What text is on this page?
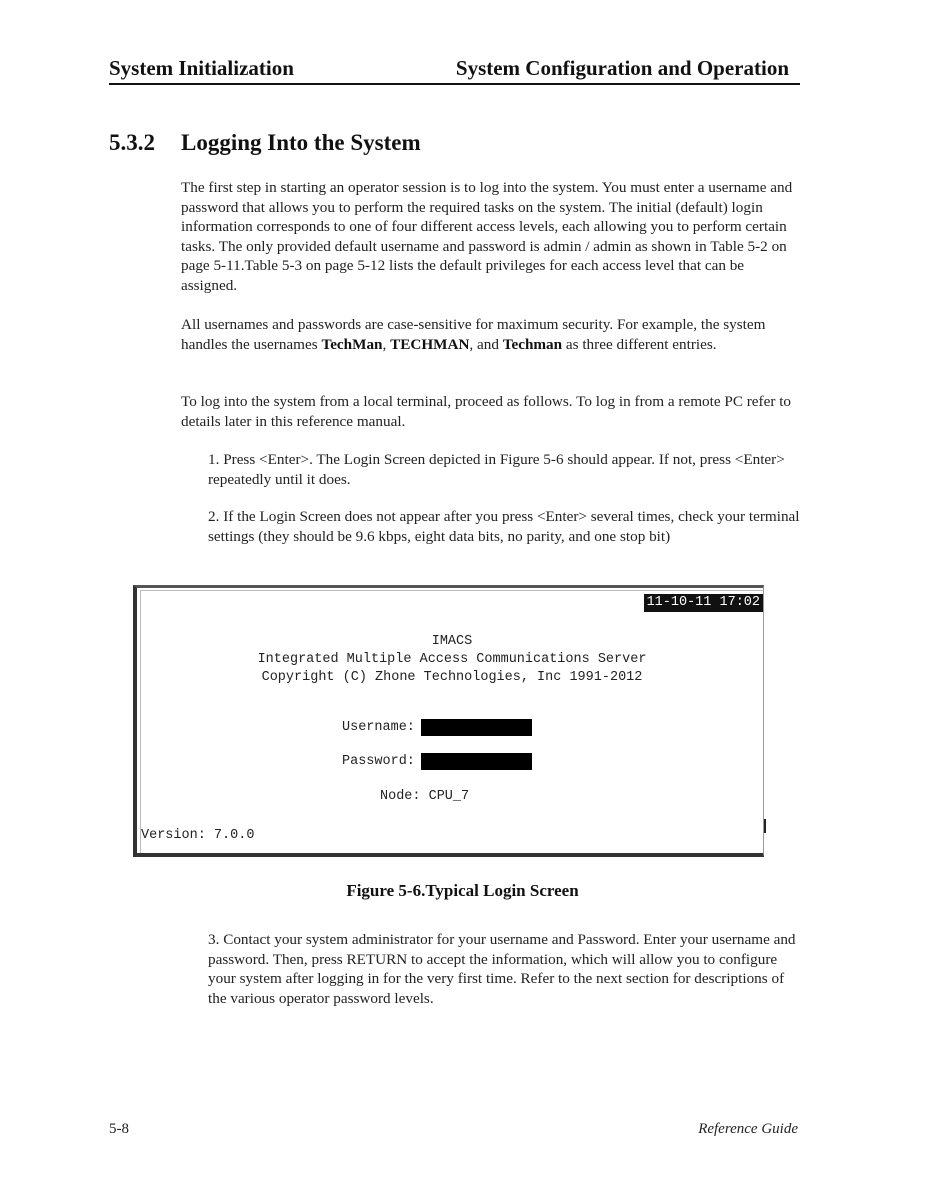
System Initialization	System Configuration and Operation
5.3.2 Logging Into the System

The first step in starting an operator session is to log into the system. You must enter a username and password that allows you to perform the required tasks on the system. The initial (default) login information corresponds to one of four different access levels, each allowing you to perform certain tasks. The only provided default username and password is admin / admin as shown in Table 5-2 on page 5-11.Table 5-3 on page 5-12 lists the default privileges for each access level that can be assigned.

All usernames and passwords are case-sensitive for maximum security. For example, the system handles the usernames TechMan, TECHMAN, and Techman as three different entries.

To log into the system from a local terminal, proceed as follows. To log in from a remote PC refer to details later in this reference manual.

1. Press <Enter>. The Login Screen depicted in Figure 5-6 should appear. If not, press <Enter> repeatedly until it does.

2. If the Login Screen does not appear after you press <Enter> several times, check your terminal settings (they should be 9.6 kbps, eight data bits, no parity, and one stop bit)

11-10-11 17:02
IMACS
Integrated Multiple Access Communications Server
Copyright (C) Zhone Technologies, Inc 1991-2012
Username:
Password:
Node: CPU_7
Version: 7.0.0
Figure 5-6.Typical Login Screen

3. Contact your system administrator for your username and Password. Enter your username and password. Then, press RETURN to accept the information, which will allow you to configure your system after logging in for the very first time. Refer to the next section for descriptions of the various operator password levels.

5-8	Reference Guide
